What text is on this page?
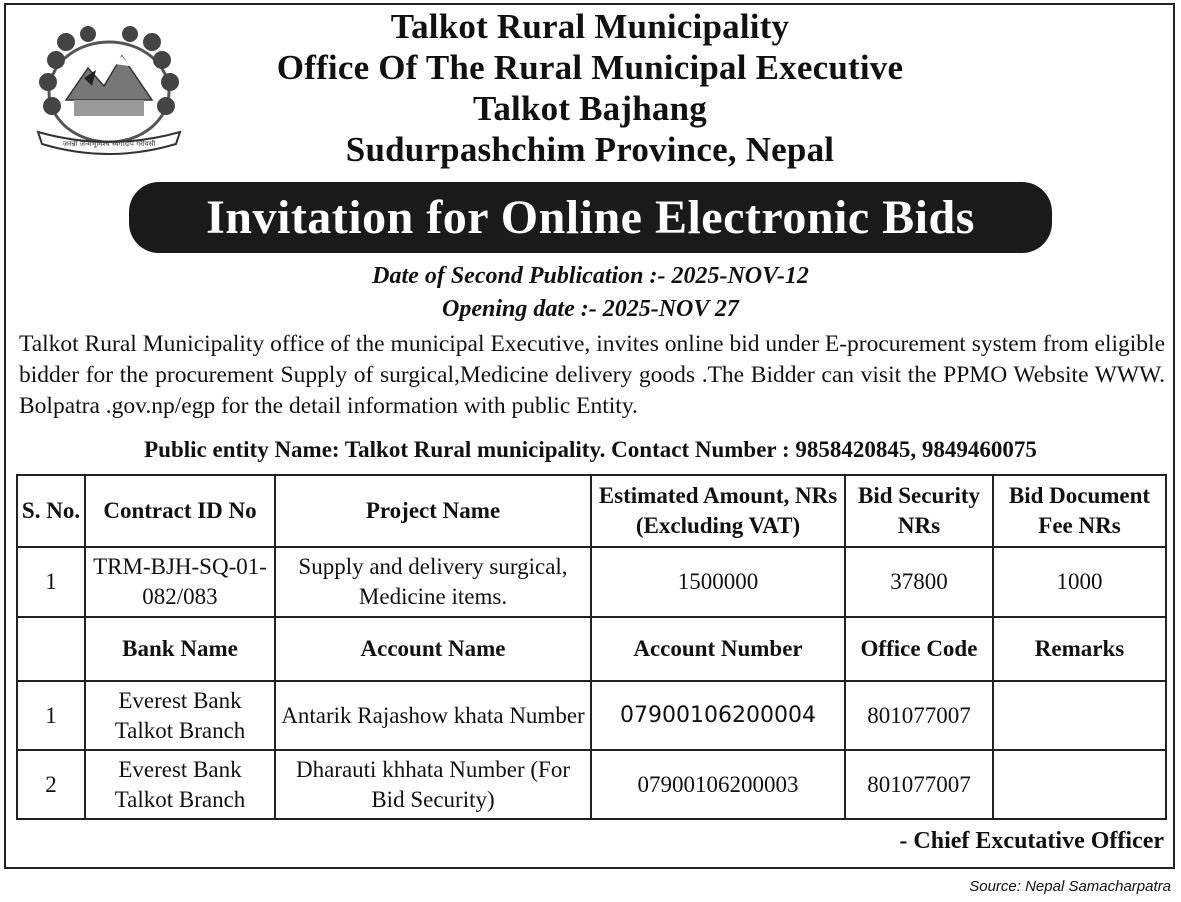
जनन्नी जन्मभूमिश्च स्वर्गादपि गरीयसी
Talkot Rural Municipality
Office Of The Rural Municipal Executive
Talkot Bajhang
Sudurpashchim Province, Nepal
Invitation for Online Electronic Bids
Date of Second Publication :- 2025-NOV-12
Opening date :- 2025-NOV 27
Talkot Rural Municipality office of the municipal Executive, invites online bid under E-procurement system from eligible bidder for the procurement Supply of surgical,Medicine delivery goods .The Bidder can visit the PPMO Website WWW. Bolpatra .gov.np/egp for the detail information with public Entity.
Public entity Name: Talkot Rural municipality. Contact Number : 9858420845, 9849460075
S. No.	Contract ID No	Project Name	Estimated Amount, NRs (Excluding VAT)	Bid Security NRs	Bid Document Fee NRs
1	TRM-BJH-SQ-01-082/083	Supply and delivery surgical, Medicine items.	1500000	37800	1000
	Bank Name	Account Name	Account Number	Office Code	Remarks
1	Everest Bank Talkot Branch	Antarik Rajashow khata Number	07900106200004	801077007	
2	Everest Bank Talkot Branch	Dharauti khhata Number (For Bid Security)	07900106200003	801077007	
- Chief Excutative Officer
Source: Nepal Samacharpatra
